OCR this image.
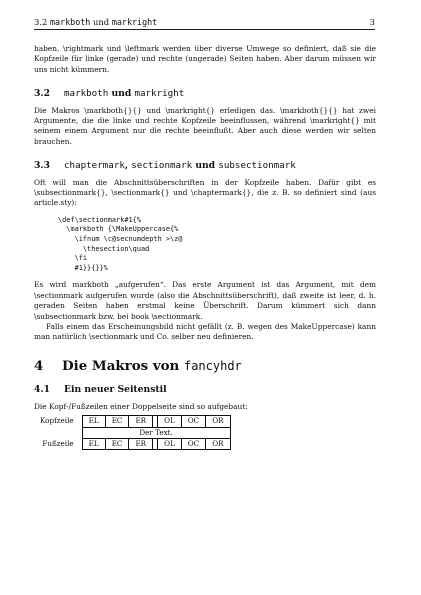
3.2 markboth und markright	3

haben. \rightmark und \leftmark werden über diverse Umwege so definiert, daß sie die Kopfzeile für linke (gerade) und rechte (ungerade) Seiten haben. Aber darum müssen wir uns nicht kümmern.

3.2 markboth und markright

Die Makros \markboth{}{} und \markright{} erledigen das. \markboth{}{} hat zwei Argumente, die die linke und rechte Kopfzeile beeinflussen, während \markright{} mit seinem einem Argument nur die rechte beeinflußt. Aber auch diese werden wir selten brauchen.

3.3 chaptermark, sectionmark und subsectionmark

Oft will man die Abschnittsüberschriften in der Kopfzeile haben. Dafür gibt es \subsectionmark{}, \sectionmark{} und \chaptermark{}, die z. B. so definiert sind (aus article.sty):

\def\sectionmark#1{%
\markboth {\MakeUppercase{%
\ifnum \c@secnumdepth >\z@
\thesection\quad
\fi
#1}}{}}%

Es wird markboth „aufgerufen“. Das erste Argument ist das Argument, mit dem \sectionmark aufgerufen wurde (also die Abschnittsüberschrift), daß zweite ist leer, d. h. geraden Seiten haben erstmal keine Überschrift. Darum kümmert sich dann \subsectionmark bzw. bei book \sectionmark.

Falls einem das Erscheinungsbild nicht gefällt (z. B. wegen des MakeUppercase) kann man natürlich \sectionmark und Co. selber neu definieren.

4 Die Makros von fancyhdr
4.1 Ein neuer Seitenstil

Die Kopf-/Fußzeilen einer Doppelseite sind so aufgebaut:

Kopfzeile	EL	EC	ER		OL	OC	OR
	Der Text.						
Fußzeile	EL	EC	ER		OL	OC	OR
